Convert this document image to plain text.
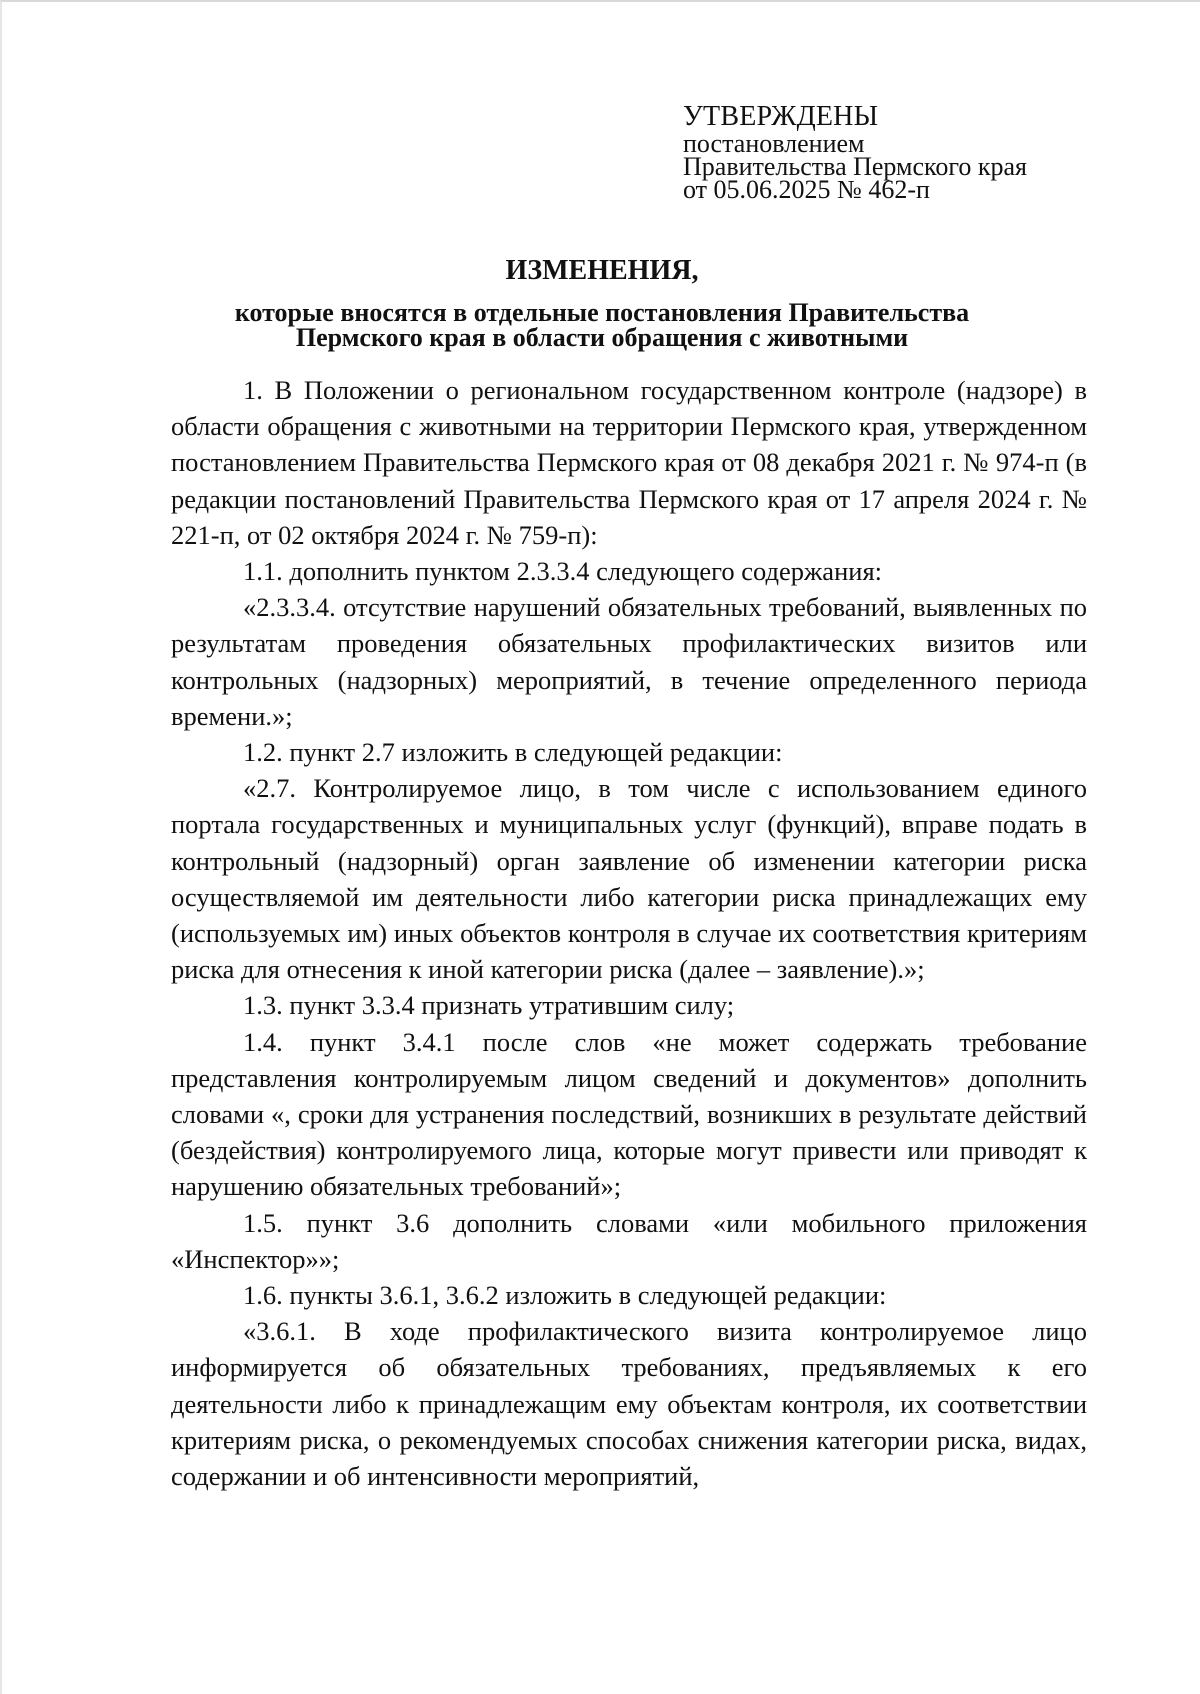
УТВЕРЖДЕНЫ
постановлением
Правительства Пермского края
от 05.06.2025 № 462-п
ИЗМЕНЕНИЯ,
которые вносятся в отдельные постановления Правительства
Пермского края в области обращения с животными

1. В Положении о региональном государственном контроле (надзоре) в области обращения с животными на территории Пермского края, утвержденном постановлением Правительства Пермского края от 08 декабря 2021 г. № 974-п (в редакции постановлений Правительства Пермского края от 17 апреля 2024 г. № 221-п, от 02 октября 2024 г. № 759-п):

1.1. дополнить пунктом 2.3.3.4 следующего содержания:

«2.3.3.4. отсутствие нарушений обязательных требований, выявленных по результатам проведения обязательных профилактических визитов или контрольных (надзорных) мероприятий, в течение определенного периода времени.»;

1.2. пункт 2.7 изложить в следующей редакции:

«2.7. Контролируемое лицо, в том числе с использованием единого портала государственных и муниципальных услуг (функций), вправе подать в контрольный (надзорный) орган заявление об изменении категории риска осуществляемой им деятельности либо категории риска принадлежащих ему (используемых им) иных объектов контроля в случае их соответствия критериям риска для отнесения к иной категории риска (далее – заявление).»;

1.3. пункт 3.3.4 признать утратившим силу;

1.4. пункт 3.4.1 после слов «не может содержать требование представления контролируемым лицом сведений и документов» дополнить словами «, сроки для устранения последствий, возникших в результате действий (бездействия) контролируемого лица, которые могут привести или приводят к нарушению обязательных требований»;

1.5. пункт 3.6 дополнить словами «или мобильного приложения «Инспектор»»;

1.6. пункты 3.6.1, 3.6.2 изложить в следующей редакции:

«3.6.1. В ходе профилактического визита контролируемое лицо информируется об обязательных требованиях, предъявляемых к его деятельности либо к принадлежащим ему объектам контроля, их соответствии критериям риска, о рекомендуемых способах снижения категории риска, видах, содержании и об интенсивности мероприятий,
